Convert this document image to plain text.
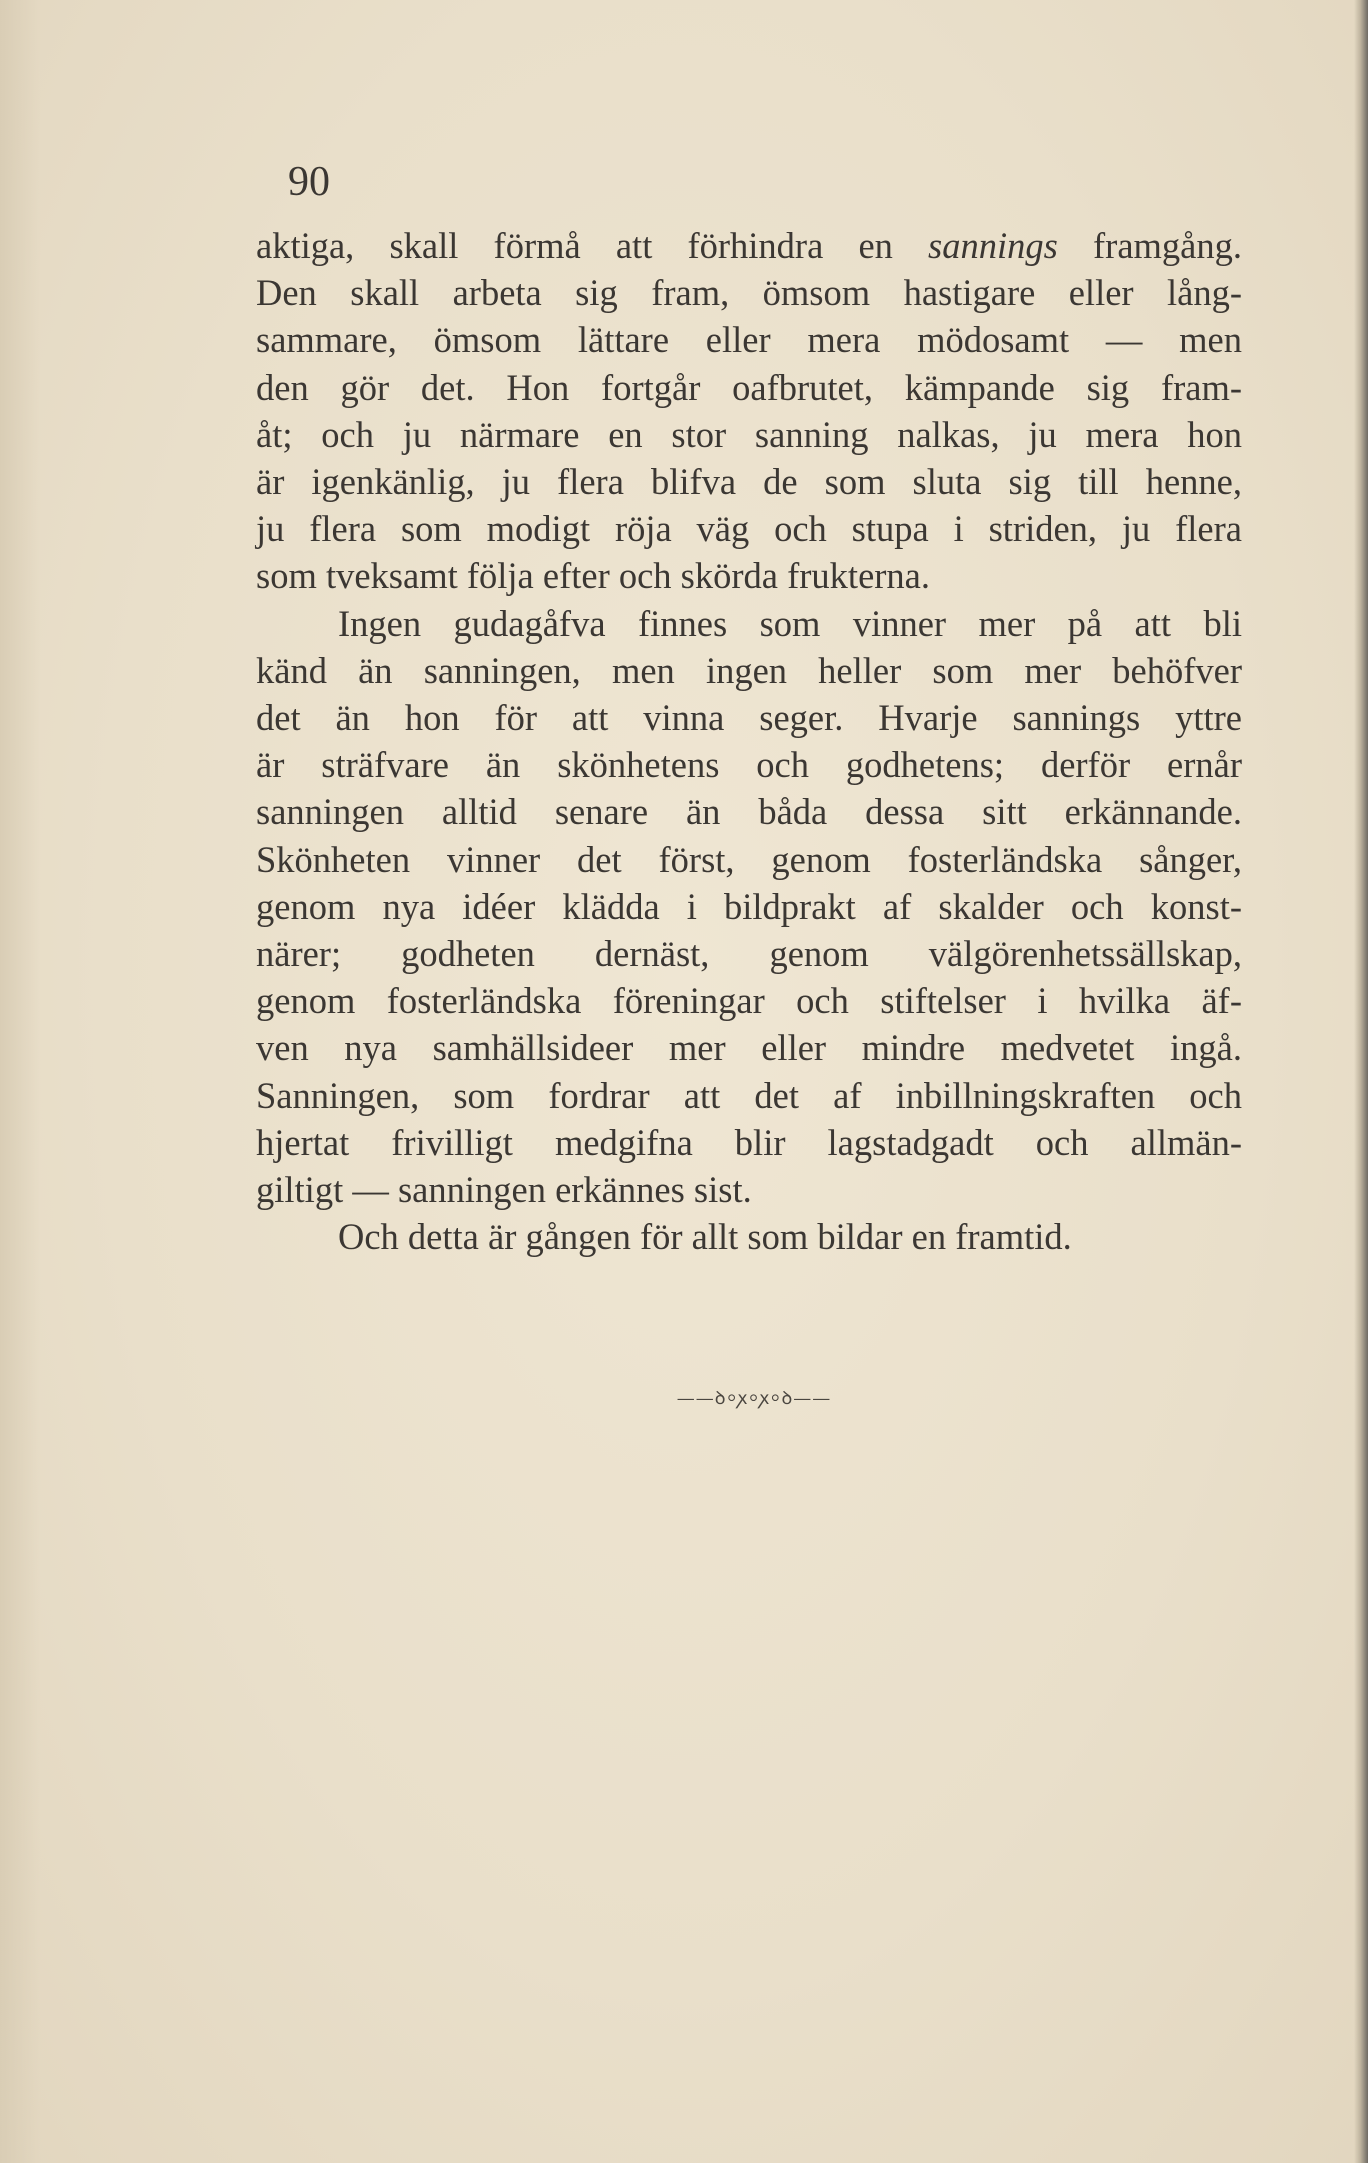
90
aktiga, skall förmå att förhindra en sannings framgång.
Den skall arbeta sig fram, ömsom hastigare eller lång-
sammare, ömsom lättare eller mera mödosamt — men
den gör det. Hon fortgår oafbrutet, kämpande sig fram-
åt; och ju närmare en stor sanning nalkas, ju mera hon
är igenkänlig, ju flera blifva de som sluta sig till henne,
ju flera som modigt röja väg och stupa i striden, ju flera
som tveksamt följa efter och skörda frukterna.
Ingen gudagåfva finnes som vinner mer på att bli
känd än sanningen, men ingen heller som mer behöfver
det än hon för att vinna seger. Hvarje sannings yttre
är sträfvare än skönhetens och godhetens; derför ernår
sanningen alltid senare än båda dessa sitt erkännande.
Skönheten vinner det först, genom fosterländska sånger,
genom nya idéer klädda i bildprakt af skalder och konst-
närer; godheten dernäst, genom välgörenhetssällskap,
genom fosterländska föreningar och stiftelser i hvilka äf-
ven nya samhällsideer mer eller mindre medvetet ingå.
Sanningen, som fordrar att det af inbillningskraften och
hjertat frivilligt medgifna blir lagstadgadt och allmän-
giltigt — sanningen erkännes sist.
Och detta är gången för allt som bildar en framtid.
——ꝺ⸰ꭗ⸰ꭗ⸰ꝺ——
